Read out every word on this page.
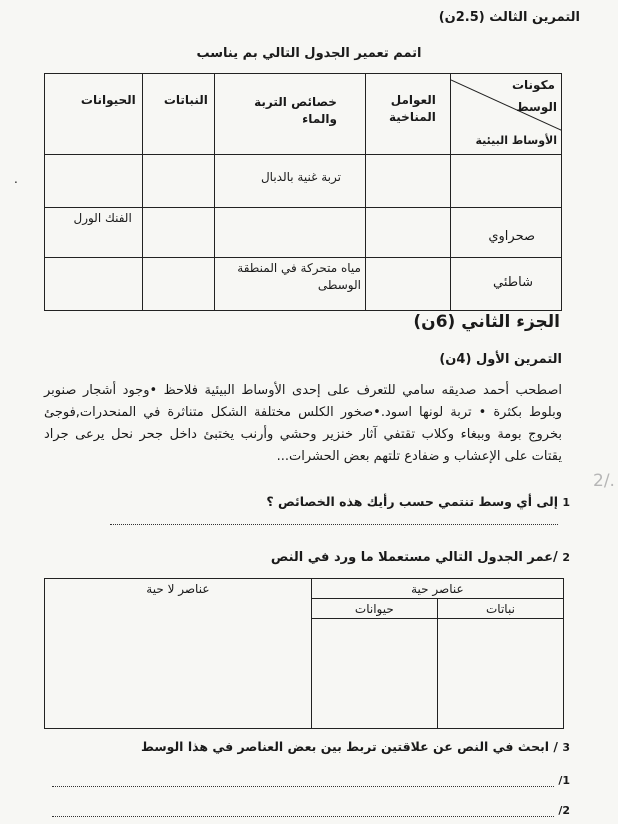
التمرين الثالث (2.5ن)
اتمم تعمير الجدول التالي بم يناسب
.
مكونات
الوسط
الأوساط البيئية	العوامل المناخية	خصائص التربة والماء	النباتات	الحيوانات

		تربة غنية بالدبال		

صحراوي				الفنك الورل

شاطئي		مياه متحركة في المنطقة الوسطى		

الجزء الثاني (6ن)
التمرين الأول (4ن)
اصطحب أحمد صديقه سامي للتعرف على إحدى الأوساط البيئية فلاحظ •وجود أشجار صنوبر وبلوط بكثرة • تربة لونها اسود.•صخور الكلس مختلفة الشكل متناثرة في المنحدرات,فوجئ بخروج بومة وببغاء وكلاب تقتفي آثار خنزير وحشي وأرنب يختبئ داخل جحر نحل يرعى جراد يقتات على الإعشاب و ضفادع تلتهم بعض الحشرات...
2/.
1 إلى أي وسط تنتمي حسب رأيك هذه الخصائص ؟
2 /عمر الجدول التالي مستعملا ما ورد في النص
عناصر حية		عناصر لا حية
نباتات	حيوانات	

3 / ابحث في النص عن علاقتين تربط بين بعض العناصر في هذا الوسط
/1
/2
